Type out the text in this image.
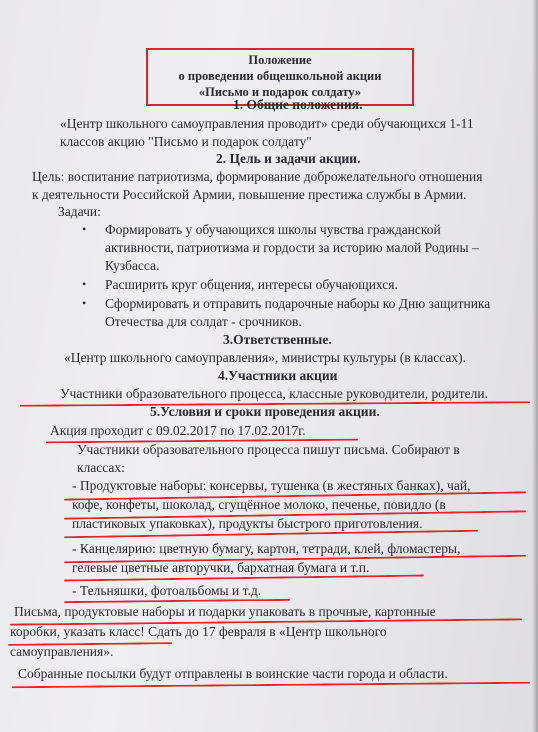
Положение
о проведении общешкольной акции
«Письмо и подарок солдату»
1. Общие положения.
«Центр школьного самоуправления проводит» среди обучающихся 1-11
классов акцию "Письмо и подарок солдату"
2. Цель и задачи акции.
Цель: воспитание патриотизма, формирование доброжелательного отношения
к деятельности Российской Армии, повышение престижа службы в Армии.
Задачи:
• Формировать у обучающихся школы чувства гражданской
активности, патриотизма и гордости за историю малой Родины –
Кузбасса.
• Расширить круг общения, интересы обучающихся.
• Сформировать и отправить подарочные наборы ко Дню защитника
Отечества для солдат - срочников.
3.Ответственные.
«Центр школьного самоуправления», министры культуры (в классах).
4.Участники акции
Участники образовательного процесса, классные руководители, родители.
5.Условия и сроки проведения акции.
Акция проходит с 09.02.2017 по 17.02.2017г.
Участники образовательного процесса пишут письма. Собирают в
классах:
- Продуктовые наборы: консервы, тушенка (в жестяных банках), чай,
кофе, конфеты, шоколад, сгущённое молоко, печенье, повидло (в
пластиковых упаковках), продукты быстрого приготовления.
- Канцелярию: цветную бумагу, картон, тетради, клей, фломастеры,
гелевые цветные авторучки, бархатная бумага и т.п.
- Тельняшки, фотоальбомы и т.д.
Письма, продуктовые наборы и подарки упаковать в прочные, картонные
коробки, указать класс! Сдать до 17 февраля в «Центр школьного
самоуправления».
Собранные посылки будут отправлены в воинские части города и области.
